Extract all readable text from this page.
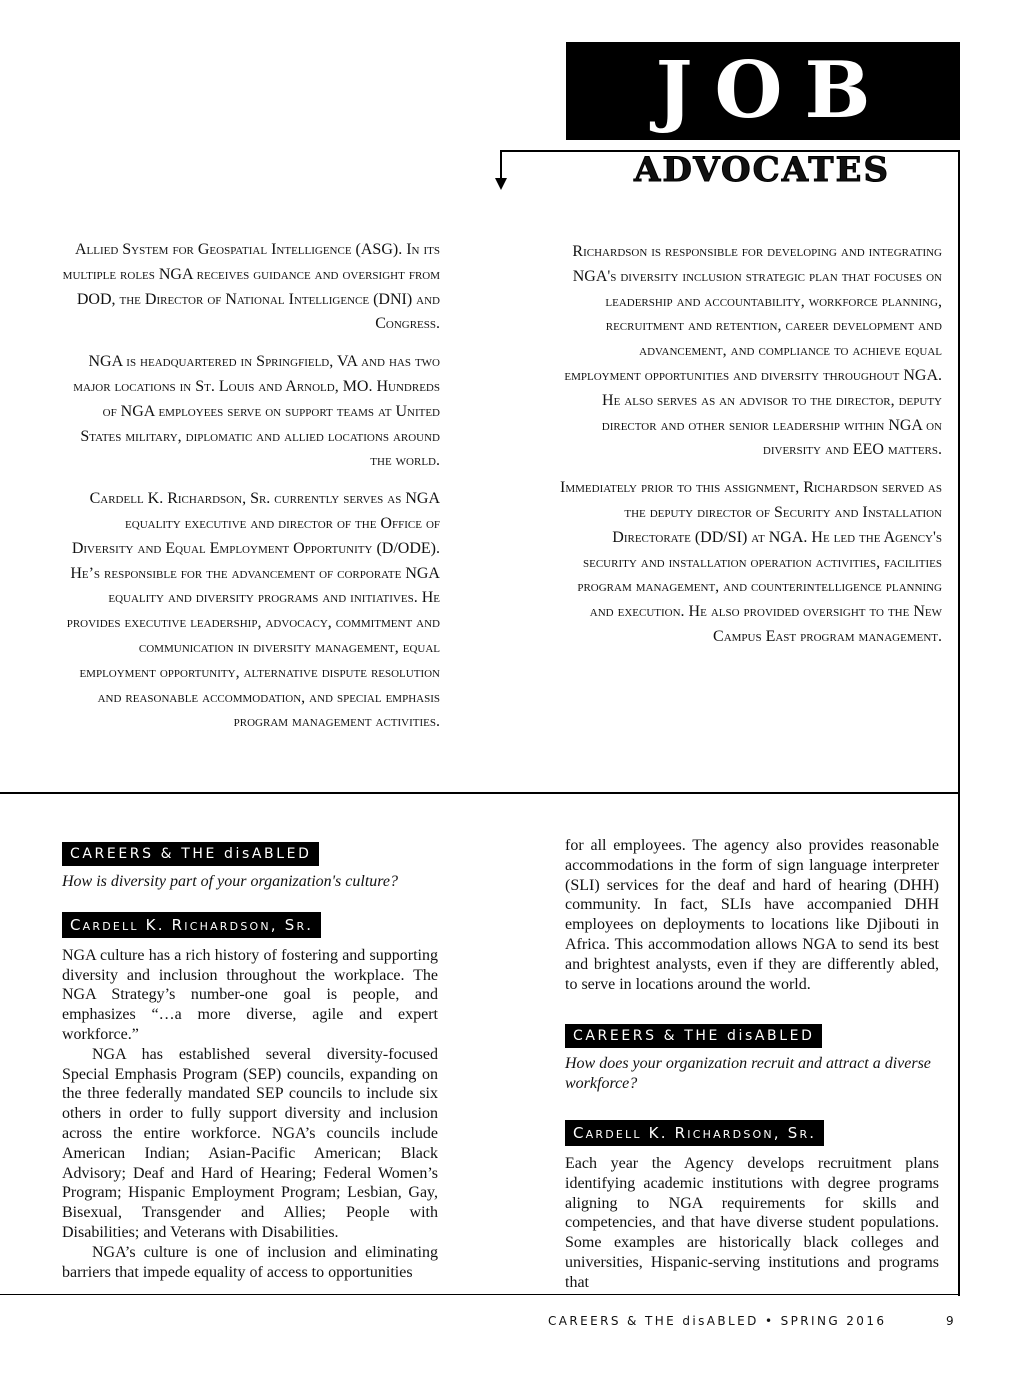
JOB
ADVOCATES

Allied System for Geospatial Intelligence (ASG). In its multiple roles NGA receives guidance and oversight from DOD, the Director of National Intelligence (DNI) and Congress.

NGA is headquartered in Springfield, VA and has two major locations in St. Louis and Arnold, MO. Hundreds of NGA employees serve on support teams at United States military, diplomatic and allied locations around the world.

Cardell K. Richardson, Sr. currently serves as NGA equality executive and director of the Office of Diversity and Equal Employment Opportunity (D/ODE). He’s responsible for the advancement of corporate NGA equality and diversity programs and initiatives. He provides executive leadership, advocacy, commitment and communication in diversity management, equal employment opportunity, alternative dispute resolution and reasonable accommodation, and special emphasis program management activities.

Richardson is responsible for developing and integrating NGA's diversity inclusion strategic plan that focuses on leadership and accountability, workforce planning, recruitment and retention, career development and advancement, and compliance to achieve equal employment opportunities and diversity throughout NGA. He also serves as an advisor to the director, deputy director and other senior leadership within NGA on diversity and EEO matters.

Immediately prior to this assignment, Richardson served as the deputy director of Security and Installation Directorate (DD/SI) at NGA. He led the Agency's security and installation operation activities, facilities program management, and counterintelligence planning and execution. He also provided oversight to the New Campus East program management.

CAREERS & THE disABLED

How is diversity part of your organization's culture?

Cardell K. Richardson, Sr.

NGA culture has a rich history of fostering and supporting diversity and inclusion throughout the workplace. The NGA Strategy’s number-one goal is people, and emphasizes “…a more diverse, agile and expert workforce.”

NGA has established several diversity-focused Special Emphasis Program (SEP) councils, expanding on the three federally mandated SEP councils to include six others in order to fully support diversity and inclusion across the entire workforce. NGA’s councils include American Indian; Asian-Pacific American; Black Advisory; Deaf and Hard of Hearing; Federal Women’s Program; Hispanic Employment Program; Lesbian, Gay, Bisexual, Transgender and Allies; People with Disabilities; and Veterans with Disabilities.

NGA’s culture is one of inclusion and eliminating barriers that impede equality of access to opportunities

for all employees. The agency also provides reasonable accommodations in the form of sign language interpreter (SLI) services for the deaf and hard of hearing (DHH) community. In fact, SLIs have accompanied DHH employees on deployments to locations like Djibouti in Africa. This accommodation allows NGA to send its best and brightest analysts, even if they are differently abled, to serve in locations around the world.

CAREERS & THE disABLED

How does your organization recruit and attract a diverse workforce?

Cardell K. Richardson, Sr.

Each year the Agency develops recruitment plans identifying academic institutions with degree programs aligning to NGA requirements for skills and competencies, and that have diverse student populations. Some examples are historically black colleges and universities, Hispanic-serving institutions and programs that

CAREERS & THE disABLED • SPRING 2016	9
